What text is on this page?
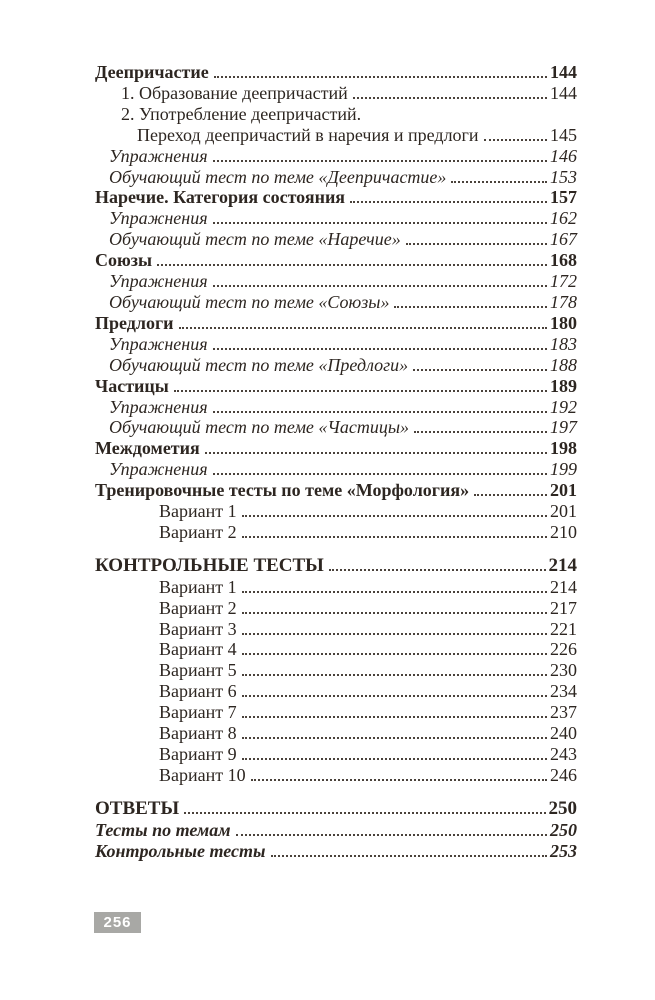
Деепричастие	144
1. Образование деепричастий	144
2. Употребление деепричастий.
Переход деепричастий в наречия и предлоги	145
Упражнения	146
Обучающий тест по теме «Деепричастие»	153
Наречие. Категория состояния	157
Упражнения	162
Обучающий тест по теме «Наречие»	167
Союзы	168
Упражнения	172
Обучающий тест по теме «Союзы»	178
Предлоги	180
Упражнения	183
Обучающий тест по теме «Предлоги»	188
Частицы	189
Упражнения	192
Обучающий тест по теме «Частицы»	197
Междометия	198
Упражнения	199
Тренировочные тесты по теме «Морфология»	201
Вариант 1	201
Вариант 2	210
КОНТРОЛЬНЫЕ ТЕСТЫ	214
Вариант 1	214
Вариант 2	217
Вариант 3	221
Вариант 4	226
Вариант 5	230
Вариант 6	234
Вариант 7	237
Вариант 8	240
Вариант 9	243
Вариант 10	246
ОТВЕТЫ	250
Тесты по темам	250
Контрольные тесты	253
256
